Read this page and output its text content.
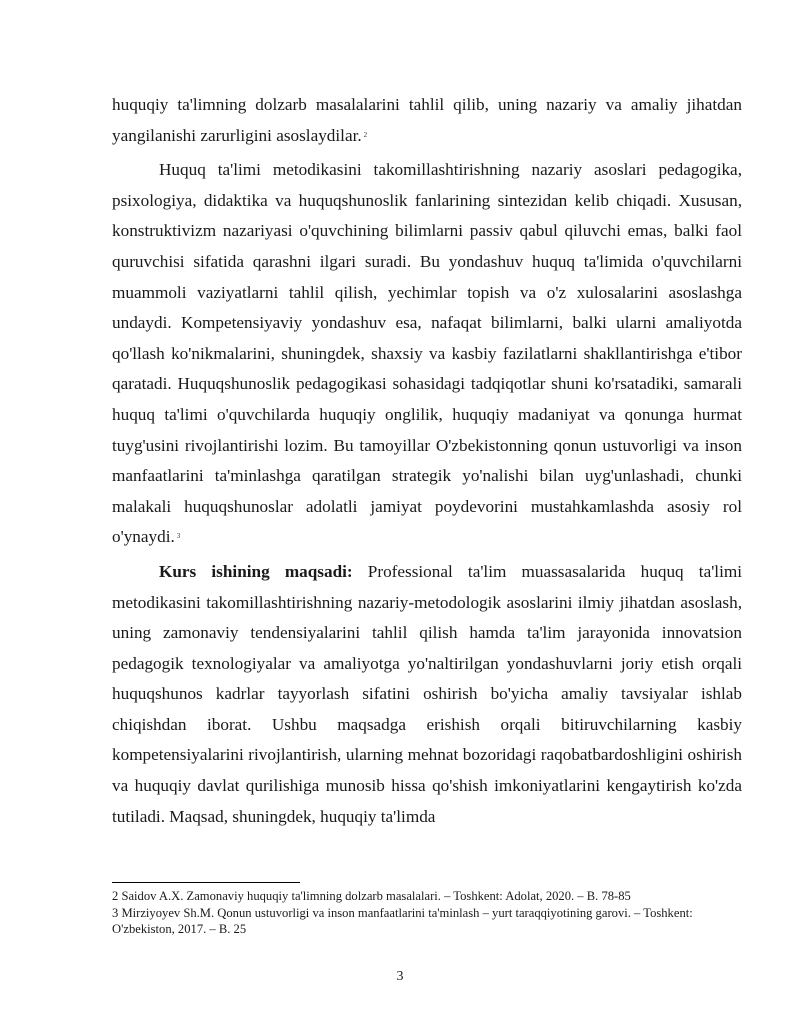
huquqiy ta'limning dolzarb masalalarini tahlil qilib, uning nazariy va amaliy jihatdan yangilanishi zarurligini asoslaydilar. $^2$

Huquq ta'limi metodikasini takomillashtirishning nazariy asoslari pedagogika, psixologiya, didaktika va huquqshunoslik fanlarining sintezidan kelib chiqadi. Xususan, konstruktivizm nazariyasi o'quvchining bilimlarni passiv qabul qiluvchi emas, balki faol quruvchisi sifatida qarashni ilgari suradi. Bu yondashuv huquq ta'limida o'quvchilarni muammoli vaziyatlarni tahlil qilish, yechimlar topish va o'z xulosalarini asoslashga undaydi. Kompetensiyaviy yondashuv esa, nafaqat bilimlarni, balki ularni amaliyotda qo'llash ko'nikmalarini, shuningdek, shaxsiy va kasbiy fazilatlarni shakllantirishga e'tibor qaratadi. Huquqshunoslik pedagogikasi sohasidagi tadqiqotlar shuni ko'rsatadiki, samarali huquq ta'limi o'quvchilarda huquqiy onglilik, huquqiy madaniyat va qonunga hurmat tuyg'usini rivojlantirishi lozim. Bu tamoyillar O'zbekistonning qonun ustuvorligi va inson manfaatlarini ta'minlashga qaratilgan strategik yo'nalishi bilan uyg'unlashadi, chunki malakali huquqshunoslar adolatli jamiyat poydevorini mustahkamlashda asosiy rol o'ynaydi. $^3$

Kurs ishining maqsadi: Professional ta'lim muassasalarida huquq ta'limi metodikasini takomillashtirishning nazariy-metodologik asoslarini ilmiy jihatdan asoslash, uning zamonaviy tendensiyalarini tahlil qilish hamda ta'lim jarayonida innovatsion pedagogik texnologiyalar va amaliyotga yo'naltirilgan yondashuvlarni joriy etish orqali huquqshunos kadrlar tayyorlash sifatini oshirish bo'yicha amaliy tavsiyalar ishlab chiqishdan iborat. Ushbu maqsadga erishish orqali bitiruvchilarning kasbiy kompetensiyalarini rivojlantirish, ularning mehnat bozoridagi raqobatbardoshligini oshirish va huquqiy davlat qurilishiga munosib hissa qo'shish imkoniyatlarini kengaytirish ko'zda tutiladi. Maqsad, shuningdek, huquqiy ta'limda

2 Saidov A.X. Zamonaviy huquqiy ta'limning dolzarb masalalari. – Toshkent: Adolat, 2020. – B. 78-85

3 Mirziyoyev Sh.M. Qonun ustuvorligi va inson manfaatlarini ta'minlash – yurt taraqqiyotining garovi. – Toshkent: O'zbekiston, 2017. – B. 25

3
